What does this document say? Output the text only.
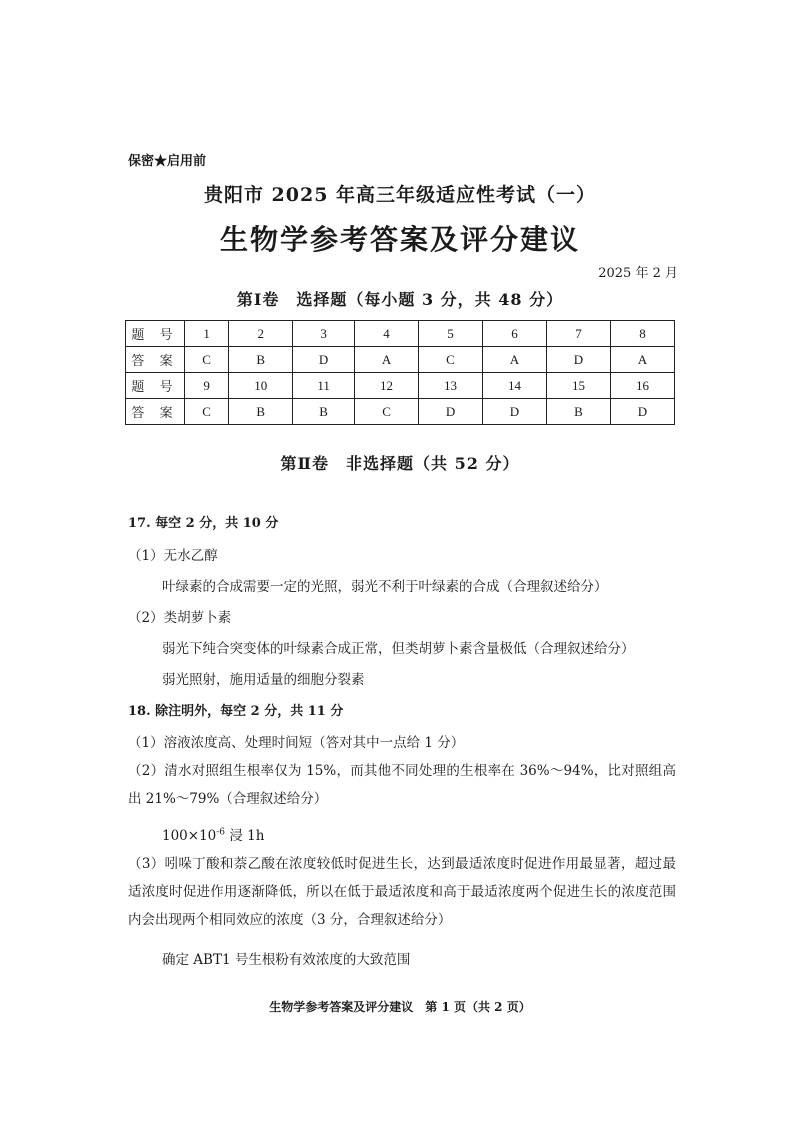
保密★启用前
贵阳市 2025 年高三年级适应性考试（一）
生物学参考答案及评分建议
2025 年 2 月
第Ⅰ卷　选择题（每小题 3 分，共 48 分）
题 号	1	2	3	4	5	6	7	8
答 案	C	B	D	A	C	A	D	A
题 号	9	10	11	12	13	14	15	16
答 案	C	B	B	C	D	D	B	D
第Ⅱ卷　非选择题（共 52 分）
17. 每空 2 分，共 10 分
（1）无水乙醇
叶绿素的合成需要一定的光照，弱光不利于叶绿素的合成（合理叙述给分）
（2）类胡萝卜素
弱光下纯合突变体的叶绿素合成正常，但类胡萝卜素含量极低（合理叙述给分）
弱光照射，施用适量的细胞分裂素
18. 除注明外，每空 2 分，共 11 分
（1）溶液浓度高、处理时间短（答对其中一点给 1 分）
（2）清水对照组生根率仅为 15%，而其他不同处理的生根率在 36%～94%，比对照组高出 21%～79%（合理叙述给分）
$100\times 10^{-6}$ 浸 1h
（3）吲哚丁酸和萘乙酸在浓度较低时促进生长，达到最适浓度时促进作用最显著，超过最适浓度时促进作用逐渐降低，所以在低于最适浓度和高于最适浓度两个促进生长的浓度范围内会出现两个相同效应的浓度（3 分，合理叙述给分）
确定 ABT1 号生根粉有效浓度的大致范围
生物学参考答案及评分建议　第 1 页（共 2 页）
